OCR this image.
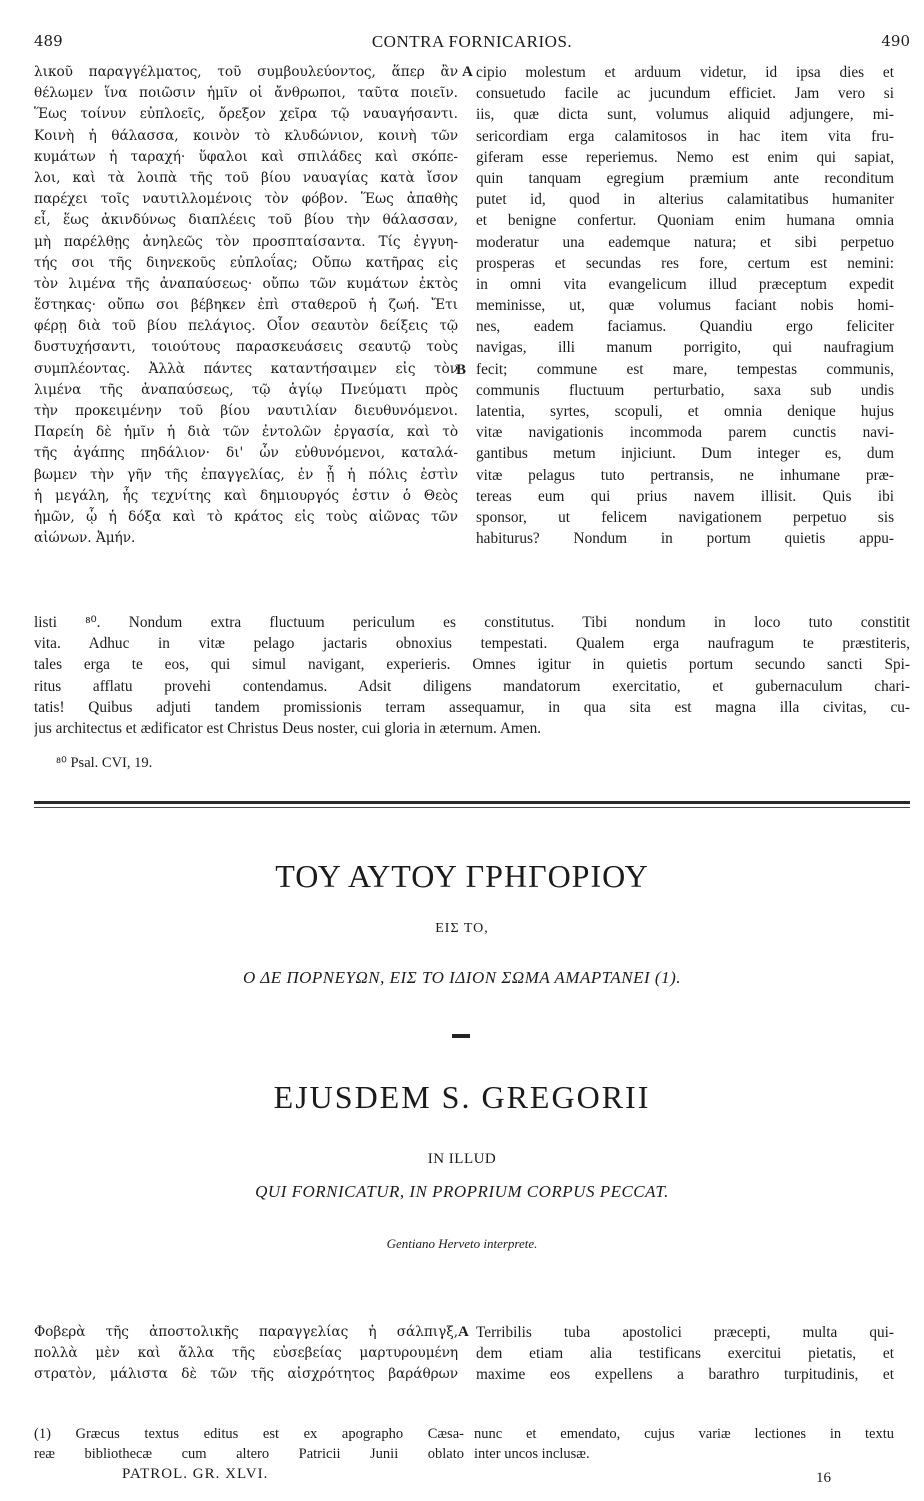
489	CONTRA FORNICARIOS.	490
λικοῦ παραγγέλματος, τοῦ συμβουλεύοντος, ἅπερ ἂν
θέλωμεν ἵνα ποιῶσιν ἡμῖν οἱ ἄνθρωποι, ταῦτα ποιεῖν.
Ἕως τοίνυν εὐπλοεῖς, ὄρεξον χεῖρα τῷ ναυαγήσαντι.
Κοινὴ ἡ θάλασσα, κοινὸν τὸ κλυδώνιον, κοινὴ τῶν
κυμάτων ἡ ταραχή· ὕφαλοι καὶ σπιλάδες καὶ σκόπε-
λοι, καὶ τὰ λοιπὰ τῆς τοῦ βίου ναυαγίας κατὰ ἴσον
παρέχει τοῖς ναυτιλλομένοις τὸν φόβον. Ἕως ἀπαθὴς
εἶ, ἕως ἀκινδύνως διαπλέεις τοῦ βίου τὴν θάλασσαν,
μὴ παρέλθῃς ἀνηλεῶς τὸν προσπταίσαντα. Τίς ἐγγυη-
τής σοι τῆς διηνεκοῦς εὐπλοΐας; Οὔπω κατῆρας εἰς
τὸν λιμένα τῆς ἀναπαύσεως· οὔπω τῶν κυμάτων ἐκτὸς
ἕστηκας· οὔπω σοι βέβηκεν ἐπὶ σταθεροῦ ἡ ζωή. Ἔτι
φέρῃ διὰ τοῦ βίου πελάγιος. Οἷον σεαυτὸν δείξεις τῷ
δυστυχήσαντι, τοιούτους παρασκευάσεις σεαυτῷ τοὺς
συμπλέοντας. Ἀλλὰ πάντες καταντήσαιμεν εἰς τὸν
λιμένα τῆς ἀναπαύσεως, τῷ ἁγίῳ Πνεύματι πρὸς
τὴν προκειμένην τοῦ βίου ναυτιλίαν διευθυνόμενοι.
Παρείη δὲ ἡμῖν ἡ διὰ τῶν ἐντολῶν ἐργασία, καὶ τὸ
τῆς ἀγάπης πηδάλιον· δι' ὧν εὐθυνόμενοι, καταλά-
βωμεν τὴν γῆν τῆς ἐπαγγελίας, ἐν ᾗ ἡ πόλις ἐστὶν
ἡ μεγάλη, ἧς τεχνίτης καὶ δημιουργός ἐστιν ὁ Θεὸς
ἡμῶν, ᾧ ἡ δόξα καὶ τὸ κράτος εἰς τοὺς αἰῶνας τῶν
αἰώνων. Ἀμήν.
A
B
cipio molestum et arduum videtur, id ipsa dies et
consuetudo facile ac jucundum efficiet. Jam vero si
iis, quæ dicta sunt, volumus aliquid adjungere, mi-
sericordiam erga calamitosos in hac item vita fru-
giferam esse reperiemus. Nemo est enim qui sapiat,
quin tanquam egregium præmium ante reconditum
putet id, quod in alterius calamitatibus humaniter
et benigne confertur. Quoniam enim humana omnia
moderatur una eademque natura; et sibi perpetuo
prosperas et secundas res fore, certum est nemini:
in omni vita evangelicum illud præceptum expedit
meminisse, ut, quæ volumus faciant nobis homi-
nes, eadem faciamus. Quandiu ergo feliciter
navigas, illi manum porrigito, qui naufragium
fecit; commune est mare, tempestas communis,
communis fluctuum perturbatio, saxa sub undis
latentia, syrtes, scopuli, et omnia denique hujus
vitæ navigationis incommoda parem cunctis navi-
gantibus metum injiciunt. Dum integer es, dum
vitæ pelagus tuto pertransis, ne inhumane præ-
tereas eum qui prius navem illisit. Quis ibi
sponsor, ut felicem navigationem perpetuo sis
habiturus? Nondum in portum quietis appu-
listi ⁸⁰. Nondum extra fluctuum periculum es constitutus. Tibi nondum in loco tuto constitit
vita. Adhuc in vitæ pelago jactaris obnoxius tempestati. Qualem erga naufragum te præstiteris,
tales erga te eos, qui simul navigant, experieris. Omnes igitur in quietis portum secundo sancti Spi-
ritus afflatu provehi contendamus. Adsit diligens mandatorum exercitatio, et gubernaculum chari-
tatis! Quibus adjuti tandem promissionis terram assequamur, in qua sita est magna illa civitas, cu-
jus architectus et ædificator est Christus Deus noster, cui gloria in æternum. Amen.
⁸⁰ Psal. CVI, 19.
ΤΟΥ ΑΥΤΟΥ ΓΡΗΓΟΡΙΟΥ
ΕΙΣ ΤΟ,
Ο ΔΕ ΠΟΡΝΕΥΩΝ, ΕΙΣ ΤΟ ΙΔΙΟΝ ΣΩΜΑ ΑΜΑΡΤΑΝΕΙ (1).
EJUSDEM S. GREGORII
IN ILLUD
QUI FORNICATUR, IN PROPRIUM CORPUS PECCAT.
Gentiano Herveto interprete.
Φοβερὰ τῆς ἀποστολικῆς παραγγελίας ἡ σάλπιγξ,
πολλὰ μὲν καὶ ἄλλα τῆς εὐσεβείας μαρτυρουμένη
στρατὸν, μάλιστα δὲ τῶν τῆς αἰσχρότητος βαράθρων
A Terribilis tuba apostolici præcepti, multa qui-
dem etiam alia testificans exercitui pietatis, et
maxime eos expellens a barathro turpitudinis, et
(1) Græcus textus editus est ex apographo Cæsa-
reæ bibliothecæ cum altero Patricii Junii oblato
nunc et emendato, cujus variæ lectiones in textu
inter uncos inclusæ.
PATROL. GR. XLVI.	16
